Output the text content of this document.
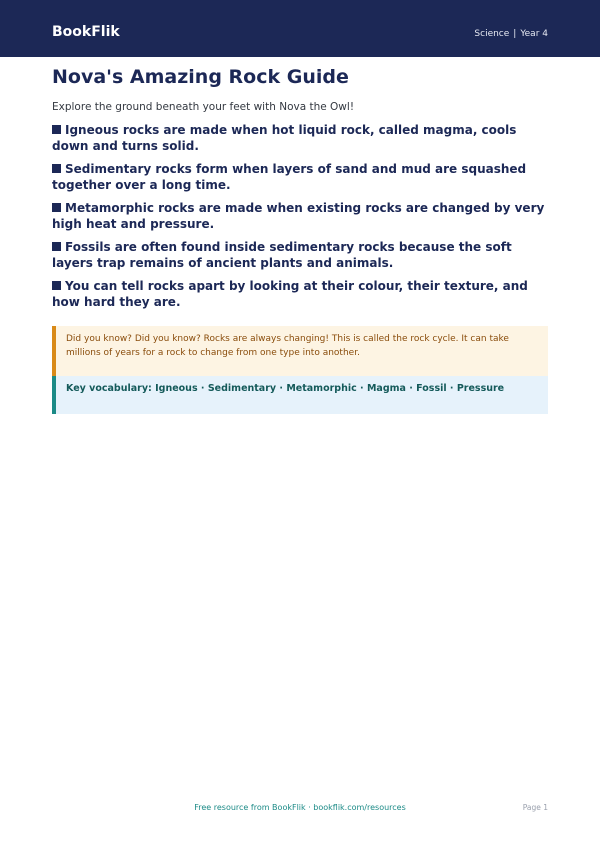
BookFlik	Science | Year 4
Nova's Amazing Rock Guide

Explore the ground beneath your feet with Nova the Owl!

Igneous rocks are made when hot liquid rock, called magma, cools down and turns solid.
Sedimentary rocks form when layers of sand and mud are squashed together over a long time.
Metamorphic rocks are made when existing rocks are changed by very high heat and pressure.
Fossils are often found inside sedimentary rocks because the soft layers trap remains of ancient plants and animals.
You can tell rocks apart by looking at their colour, their texture, and how hard they are.
Did you know? Did you know? Rocks are always changing! This is called the rock cycle. It can take millions of years for a rock to change from one type into another.
Key vocabulary: Igneous · Sedimentary · Metamorphic · Magma · Fossil · Pressure
Free resource from BookFlik · bookflik.com/resources	Page 1
